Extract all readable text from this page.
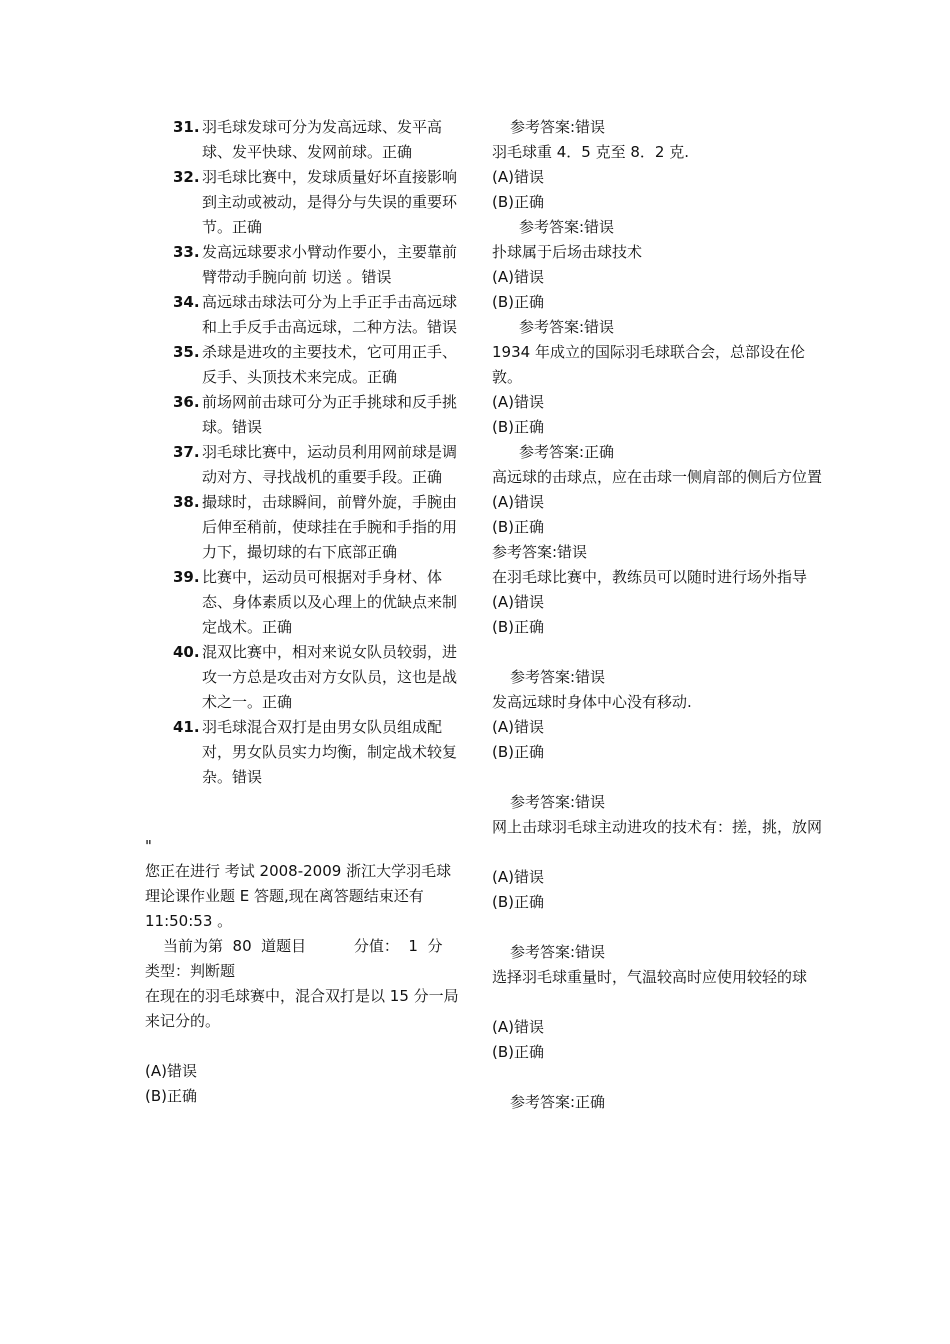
31. 羽毛球发球可分为发高远球、发平高球、发平快球、发网前球。正确
32. 羽毛球比赛中，发球质量好坏直接影响到主动或被动，是得分与失误的重要环节。正确
33. 发高远球要求小臂动作要小，主要靠前臂带动手腕向前 切送 。错误
34. 高远球击球法可分为上手正手击高远球和上手反手击高远球，二种方法。错误
35. 杀球是进攻的主要技术，它可用正手、反手、头顶技术来完成。正确
36. 前场网前击球可分为正手挑球和反手挑球。错误
37. 羽毛球比赛中，运动员利用网前球是调动对方、寻找战机的重要手段。正确
38. 撮球时，击球瞬间，前臂外旋，手腕由后伸至稍前，使球挂在手腕和手指的用力下，撮切球的右下底部正确
39. 比赛中，运动员可根据对手身材、体态、身体素质以及心理上的优缺点来制定战术。正确
40. 混双比赛中，相对来说女队员较弱，进攻一方总是攻击对方女队员，这也是战术之一。正确
41. 羽毛球混合双打是由男女队员组成配对，男女队员实力均衡，制定战术较复杂。错误

"

您正在进行 考试 2008-2009 浙江大学羽毛球理论课作业题 E 答题,现在离答题结束还有 11:50:53 。

当前为第  80  道题目          分值：  1  分

类型：判断题

在现在的羽毛球赛中，混合双打是以 15 分一局来记分的。

(A)错误

(B)正确

参考答案:错误

羽毛球重 4．5 克至 8．2 克.

(A)错误

(B)正确

参考答案:错误

扑球属于后场击球技术

(A)错误

(B)正确

参考答案:错误

1934 年成立的国际羽毛球联合会，总部设在伦敦。

(A)错误

(B)正确

参考答案:正确

高远球的击球点，应在击球一侧肩部的侧后方位置

(A)错误

(B)正确

参考答案:错误

在羽毛球比赛中，教练员可以随时进行场外指导

(A)错误

(B)正确

参考答案:错误

发高远球时身体中心没有移动.

(A)错误

(B)正确

参考答案:错误

网上击球羽毛球主动进攻的技术有：搓，挑，放网

(A)错误

(B)正确

参考答案:错误

选择羽毛球重量时，气温较高时应使用较轻的球

(A)错误

(B)正确

参考答案:正确
